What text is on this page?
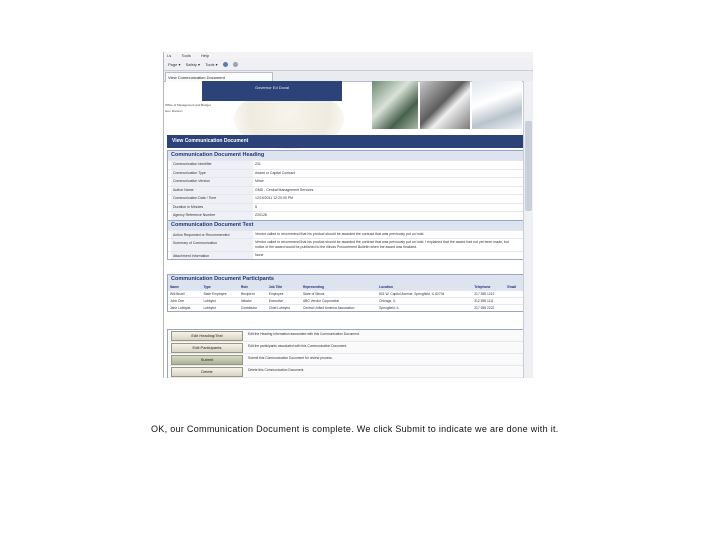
Ls	Tools	Help
Page ▾ Safety ▾ Tools ▾
View Communication Document
Governor Ed Duval
Office of Management and Budget
Gov. Division
View Communication Document
Communication Document Heading
Communication Identifier	231
Communication Type	Award or Capital Contract
Communication Version	Minor
Author Name	GMD - Central Management Services
Communication Date / Time	12/19/2011 12:20:00 PM
Duration in Minutes	5
Agency Reference Number	Z20128
Communication Document Text
Action Requested or Recommended	Vendor called to recommend that his product should be awarded the contract that was previously put on hold.
Summary of Communication	Vendor called to recommend that his product should be awarded the contract that was previously put on hold. I explained that the award had not yet been made, but notice of the award would be published to the Illinois Procurement Bulletin when the award was finalized.
Attachment Information	None
Communication Document Participants
Name	Type	Role	Job Title	Representing	Location	Telephone	Email
Will Bruell	State Employee	Recipient	Employee	State of Illinois	801 W. Capitol Avenue, Springfield, IL 62704	217 555 1212	
John Doe	Lobbyist	Initiator	Executive	ABC Vendor Corporation	Chicago, IL	312 555 1111	
Jane Lobbyist	Lobbyist	Contributor	Chief Lobbyist	Central United America Association	Springfield, IL	217 555 2222	
Edit Heading/Text	Edit the Heading information associated with this Communication Document.
Edit Participants	Edit the participants associated with this Communication Document.
Submit	Submit this Communication Document for review process.
Delete	Delete this Communication Document.
OK, our Communication Document is complete. We click Submit to indicate we are done with it.
